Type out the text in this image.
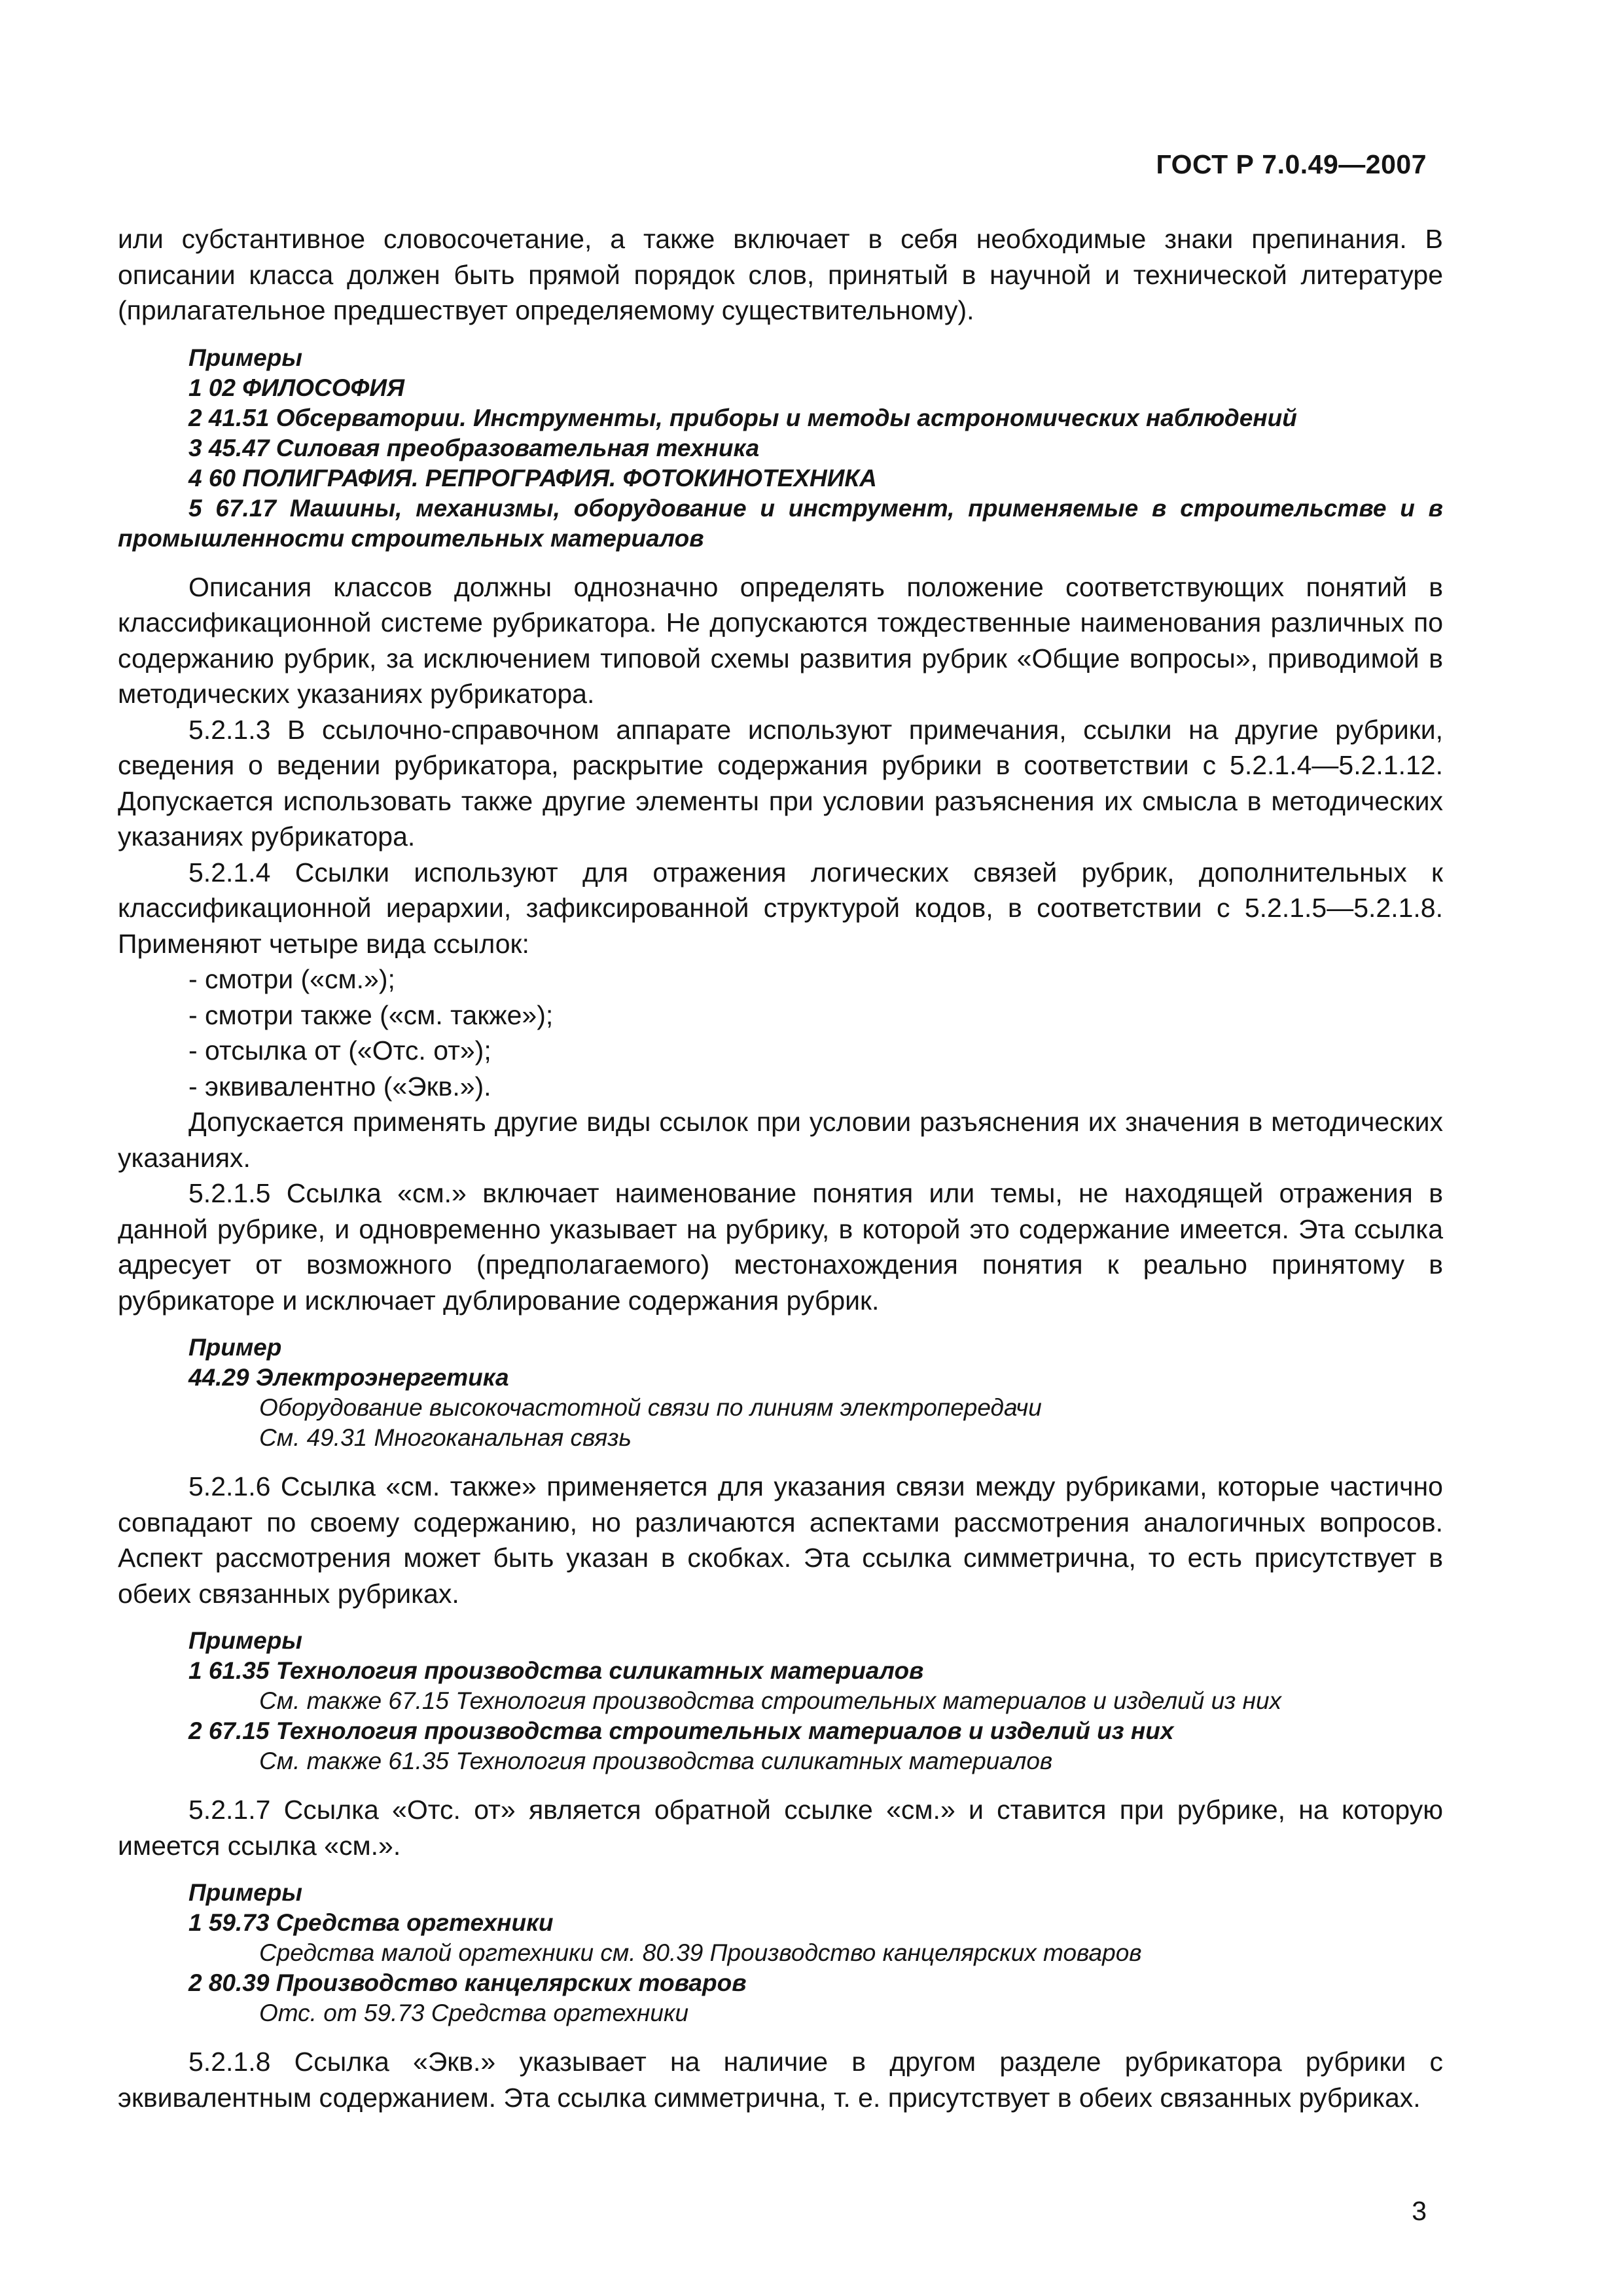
ГОСТ Р 7.0.49—2007

или субстантивное словосочетание, а также включает в себя необходимые знаки препинания. В описании класса должен быть прямой порядок слов, принятый в научной и технической литературе (прилагательное предшествует определяемому существительному).

Примеры
1 02 ФИЛОСОФИЯ
2 41.51 Обсерватории. Инструменты, приборы и методы астрономических наблюдений
3 45.47 Силовая преобразовательная техника
4 60 ПОЛИГРАФИЯ. РЕПРОГРАФИЯ. ФОТОКИНОТЕХНИКА
5 67.17 Машины, механизмы, оборудование и инструмент, применяемые в строительстве и в промышленности строительных материалов

Описания классов должны однозначно определять положение соответствующих понятий в классификационной системе рубрикатора. Не допускаются тождественные наименования различных по содержанию рубрик, за исключением типовой схемы развития рубрик «Общие вопросы», приводимой в методических указаниях рубрикатора.

5.2.1.3 В ссылочно-справочном аппарате используют примечания, ссылки на другие рубрики, сведения о ведении рубрикатора, раскрытие содержания рубрики в соответствии с 5.2.1.4—5.2.1.12. Допускается использовать также другие элементы при условии разъяснения их смысла в методических указаниях рубрикатора.

5.2.1.4 Ссылки используют для отражения логических связей рубрик, дополнительных к классификационной иерархии, зафиксированной структурой кодов, в соответствии с 5.2.1.5—5.2.1.8. Применяют четыре вида ссылок:

- смотри («см.»);
- смотри также («см. также»);
- отсылка от («Отс. от»);
- эквивалентно («Экв.»).

Допускается применять другие виды ссылок при условии разъяснения их значения в методических указаниях.

5.2.1.5 Ссылка «см.» включает наименование понятия или темы, не находящей отражения в данной рубрике, и одновременно указывает на рубрику, в которой это содержание имеется. Эта ссылка адресует от возможного (предполагаемого) местонахождения понятия к реально принятому в рубрикаторе и исключает дублирование содержания рубрик.

Пример
44.29 Электроэнергетика
Оборудование высокочастотной связи по линиям электропередачи
См. 49.31 Многоканальная связь

5.2.1.6 Ссылка «см. также» применяется для указания связи между рубриками, которые частично совпадают по своему содержанию, но различаются аспектами рассмотрения аналогичных вопросов. Аспект рассмотрения может быть указан в скобках. Эта ссылка симметрична, то есть присутствует в обеих связанных рубриках.

Примеры
1 61.35 Технология производства силикатных материалов
См. также 67.15 Технология производства строительных материалов и изделий из них
2 67.15 Технология производства строительных материалов и изделий из них
См. также 61.35 Технология производства силикатных материалов

5.2.1.7 Ссылка «Отс. от» является обратной ссылке «см.» и ставится при рубрике, на которую имеется ссылка «см.».

Примеры
1 59.73 Средства оргтехники
Средства малой оргтехники см. 80.39 Производство канцелярских товаров
2 80.39 Производство канцелярских товаров
Отс. от 59.73 Средства оргтехники

5.2.1.8 Ссылка «Экв.» указывает на наличие в другом разделе рубрикатора рубрики с эквивалентным содержанием. Эта ссылка симметрична, т. е. присутствует в обеих связанных рубриках.

3
